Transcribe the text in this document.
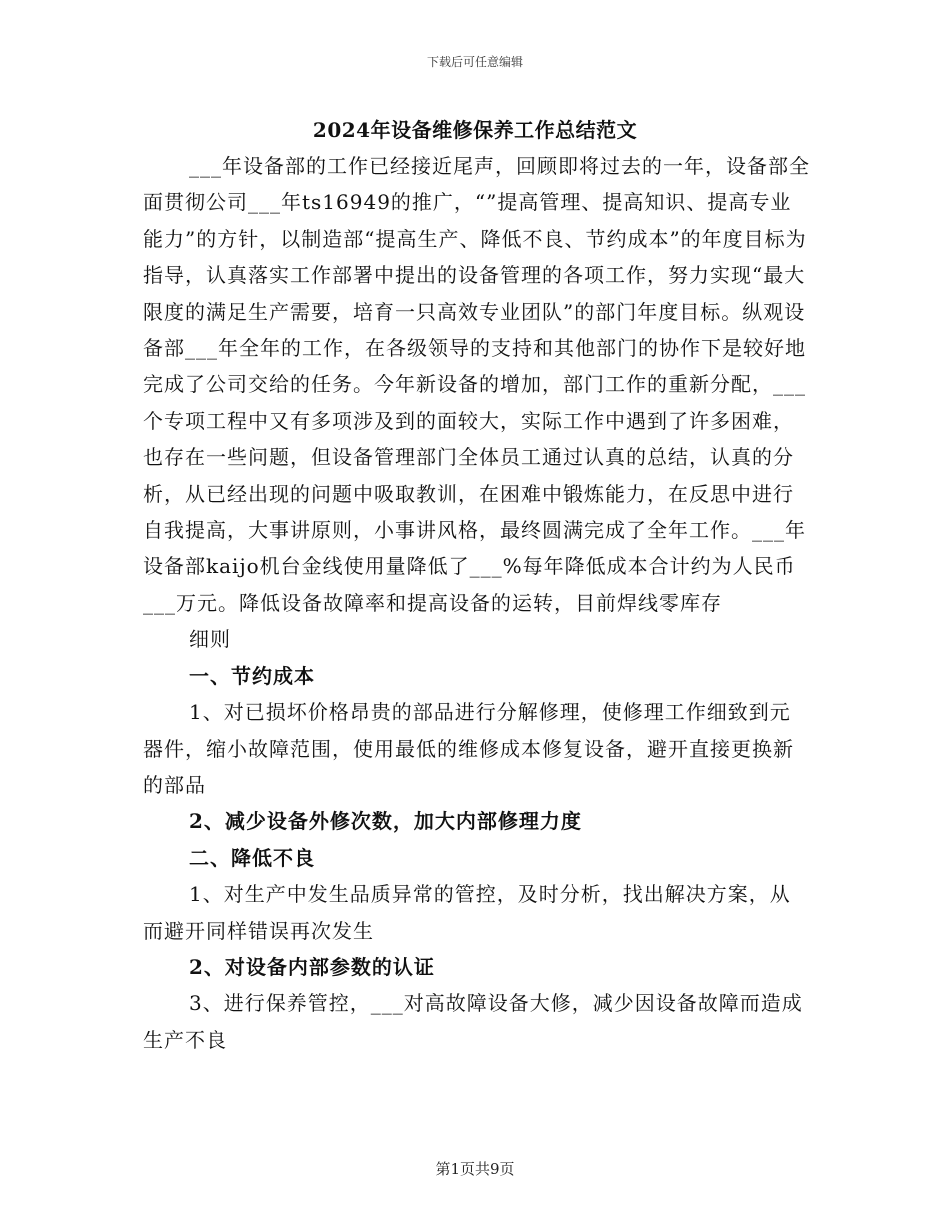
下载后可任意编辑
2024年设备维修保养工作总结范文

___年设备部的工作已经接近尾声，回顾即将过去的一年，设备部全面贯彻公司___年ts16949的推广，“”提高管理、提高知识、提高专业能力”的方针，以制造部“提高生产、降低不良、节约成本”的年度目标为指导，认真落实工作部署中提出的设备管理的各项工作，努力实现“最大限度的满足生产需要，培育一只高效专业团队”的部门年度目标。纵观设备部___年全年的工作，在各级领导的支持和其他部门的协作下是较好地完成了公司交给的任务。今年新设备的增加，部门工作的重新分配，___个专项工程中又有多项涉及到的面较大，实际工作中遇到了许多困难，也存在一些问题，但设备管理部门全体员工通过认真的总结，认真的分析，从已经出现的问题中吸取教训，在困难中锻炼能力，在反思中进行自我提高，大事讲原则，小事讲风格，最终圆满完成了全年工作。___年设备部kaijo机台金线使用量降低了___%每年降低成本合计约为人民币___万元。降低设备故障率和提高设备的运转，目前焊线零库存

细则

一、节约成本

1、对已损坏价格昂贵的部品进行分解修理，使修理工作细致到元器件，缩小故障范围，使用最低的维修成本修复设备，避开直接更换新的部品

2、减少设备外修次数，加大内部修理力度

二、降低不良

1、对生产中发生品质异常的管控，及时分析，找出解决方案，从而避开同样错误再次发生

2、对设备内部参数的认证

3、进行保养管控，___对高故障设备大修，减少因设备故障而造成生产不良

第1页共9页
